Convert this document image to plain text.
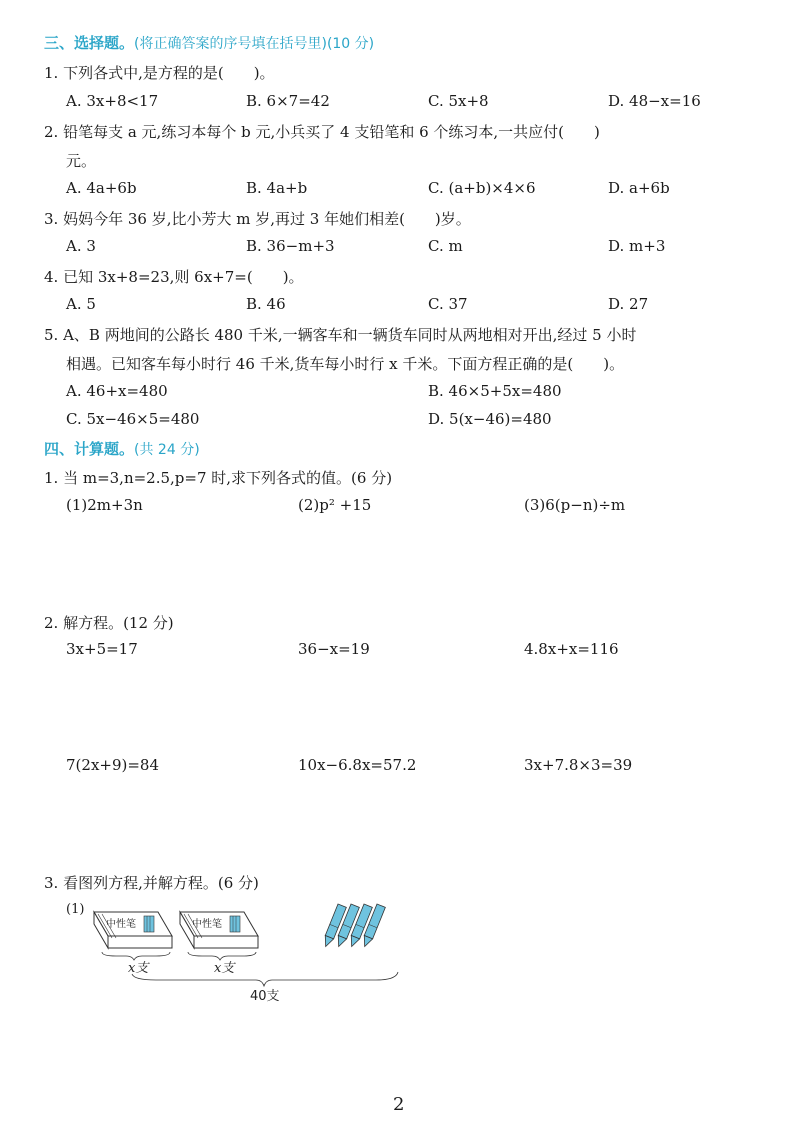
三、选择题。(将正确答案的序号填在括号里)(10 分)
1. 下列各式中,是方程的是(　　)。
A. 3x+8<17	B. 6×7=42	C. 5x+8	D. 48−x=16
2. 铅笔每支 a 元,练习本每个 b 元,小兵买了 4 支铅笔和 6 个练习本,一共应付(　　)
元。
A. 4a+6b	B. 4a+b	C. (a+b)×4×6	D. a+6b
3. 妈妈今年 36 岁,比小芳大 m 岁,再过 3 年她们相差(　　)岁。
A. 3	B. 36−m+3	C. m	D. m+3
4. 已知 3x+8=23,则 6x+7=(　　)。
A. 5	B. 46	C. 37	D. 27
5. A、B 两地间的公路长 480 千米,一辆客车和一辆货车同时从两地相对开出,经过 5 小时
相遇。已知客车每小时行 46 千米,货车每小时行 x 千米。下面方程正确的是(　　)。
A. 46+x=480	B. 46×5+5x=480
C. 5x−46×5=480	D. 5(x−46)=480
四、计算题。(共 24 分)
1. 当 m=3,n=2.5,p=7 时,求下列各式的值。(6 分)
(1)2m+3n	(2)p² +15	(3)6(p−n)÷m
2. 解方程。(12 分)
3x+5=17	36−x=19	4.8x+x=116
7(2x+9)=84	10x−6.8x=57.2	3x+7.8×3=39
3. 看图列方程,并解方程。(6 分)
(1)
中性笔	中性笔
x支	x支
40支
2
